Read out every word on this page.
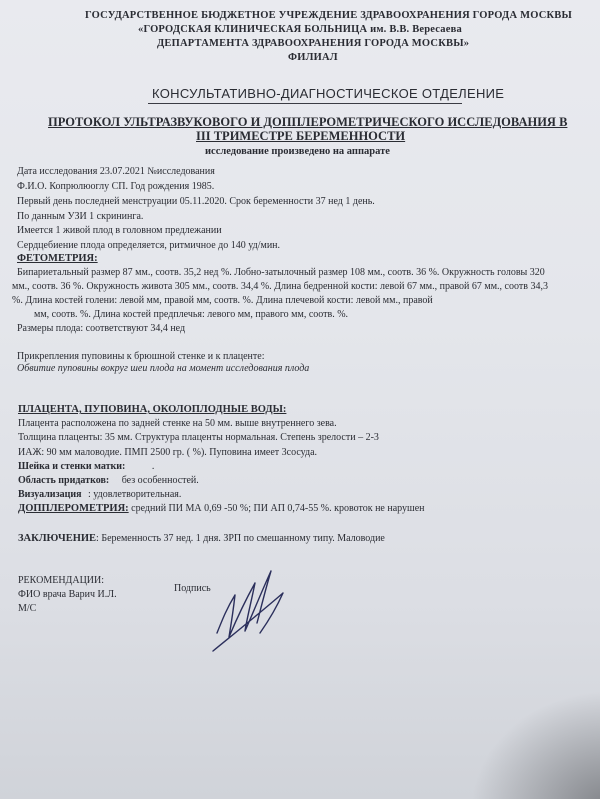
ГОСУДАРСТВЕННОЕ БЮДЖЕТНОЕ УЧРЕЖДЕНИЕ ЗДРАВООХРАНЕНИЯ ГОРОДА МОСКВЫ
«ГОРОДСКАЯ КЛИНИЧЕСКАЯ БОЛЬНИЦА им. В.В. Вересаева
ДЕПАРТАМЕНТА ЗДРАВООХРАНЕНИЯ ГОРОДА МОСКВЫ»
ФИЛИАЛ
КОНСУЛЬТАТИВНО-ДИАГНОСТИЧЕСКОЕ ОТДЕЛЕНИЕ
ПРОТОКОЛ УЛЬТРАЗВУКОВОГО И ДОППЛЕРОМЕТРИЧЕСКОГО ИССЛЕДОВАНИЯ В
III ТРИМЕСТРЕ БЕРЕМЕННОСТИ
исследование произведено на аппарате
Дата исследования 23.07.2021 №исследования
Ф.И.О. Копрюлюоглу СП. Год рождения 1985.
Первый день последней менструации 05.11.2020. Срок беременности 37 нед 1 день.
По данным УЗИ 1 скрининга.
Имеется 1 живой плод в головном предлежании
Сердцебиение плода определяется, ритмичное до 140 уд/мин.
ФЕТОМЕТРИЯ:
Бипариетальный размер 87 мм., соотв. 35,2 нед %. Лобно-затылочный размер 108 мм., соотв. 36 %. Окружность головы 320
мм., соотв. 36 %. Окружность живота 305 мм., соотв. 34,4 %. Длина бедренной кости: левой 67 мм., правой 67 мм., соотв 34,3
%. Длина костей голени: левой мм, правой мм, соотв. %. Длина плечевой кости: левой мм., правой
мм, соотв. %. Длина костей предплечья: левого мм, правого мм, соотв. %.
Размеры плода: соответствуют 34,4 нед
Прикрепления пуповины к брюшной стенке и к плаценте:
Обвитие пуповины вокруг шеи плода на момент исследования плода
ПЛАЦЕНТА, ПУПОВИНА, ОКОЛОПЛОДНЫЕ ВОДЫ:
Плацента расположена по задней стенке на 50 мм. выше внутреннего зева.
Толщина плаценты: 35 мм. Структура плаценты нормальная. Степень зрелости – 2-3
ИАЖ: 90 мм маловодие. ПМП 2500 гр. ( %). Пуповина имеет 3сосуда.
Шейка и стенки матки:	.
Область придатков: без особенностей.
Визуализация : удовлетворительная.
ДОППЛЕРОМЕТРИЯ: средний ПИ МА 0,69 -50 %; ПИ АП 0,74-55 %. кровоток не нарушен
ЗАКЛЮЧЕНИЕ: Беременность 37 нед. 1 дня. ЗРП по смешанному типу. Маловодие
РЕКОМЕНДАЦИИ:
ФИО врача Варич И.Л.
М/С
Подпись
